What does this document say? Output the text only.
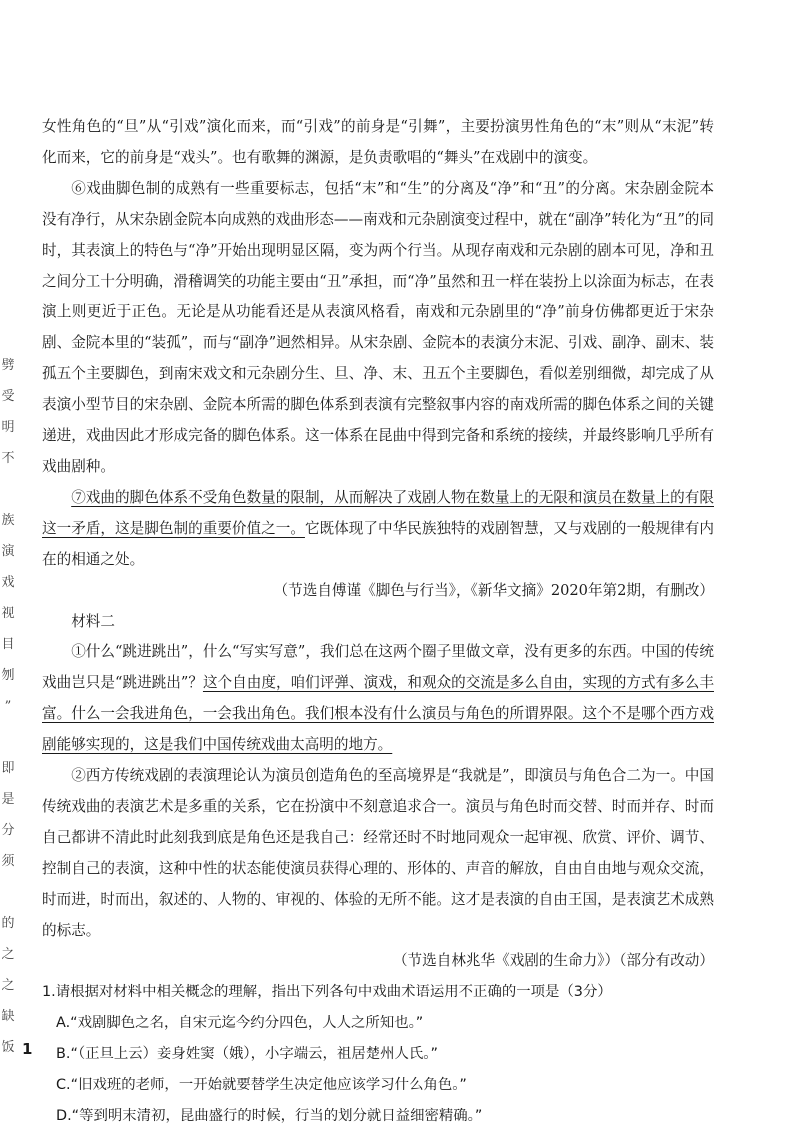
劈
受
明
不

族
演
戏
视
目
刎
”

即
是
分
须

的
之
之
缺
饭

女性角色的“旦”从“引戏”演化而来，而“引戏”的前身是“引舞”，主要扮演男性角色的“末”则从“末泥”转化而来，它的前身是“戏头”。也有歌舞的渊源，是负责歌唱的“舞头”在戏剧中的演变。

⑥戏曲脚色制的成熟有一些重要标志，包括“末”和“生”的分离及“净”和“丑”的分离。宋杂剧金院本没有净行，从宋杂剧金院本向成熟的戏曲形态——南戏和元杂剧演变过程中，就在“副净”转化为“丑”的同时，其表演上的特色与“净”开始出现明显区隔，变为两个行当。从现存南戏和元杂剧的剧本可见，净和丑之间分工十分明确，滑稽调笑的功能主要由“丑”承担，而“净”虽然和丑一样在装扮上以涂面为标志，在表演上则更近于正色。无论是从功能看还是从表演风格看，南戏和元杂剧里的“净”前身仿佛都更近于宋杂剧、金院本里的“装孤”，而与“副净”迥然相异。从宋杂剧、金院本的表演分末泥、引戏、副净、副末、装孤五个主要脚色，到南宋戏文和元杂剧分生、旦、净、末、丑五个主要脚色，看似差别细微，却完成了从表演小型节目的宋杂剧、金院本所需的脚色体系到表演有完整叙事内容的南戏所需的脚色体系之间的关键递进，戏曲因此才形成完备的脚色体系。这一体系在昆曲中得到完备和系统的接续，并最终影响几乎所有戏曲剧种。

⑦戏曲的脚色体系不受角色数量的限制，从而解决了戏剧人物在数量上的无限和演员在数量上的有限这一矛盾，这是脚色制的重要价值之一。它既体现了中华民族独特的戏剧智慧，又与戏剧的一般规律有内在的相通之处。

（节选自傅谨《脚色与行当》，《新华文摘》2020年第2期，有删改）

材料二

①什么“跳进跳出”，什么“写实写意”，我们总在这两个圈子里做文章，没有更多的东西。中国的传统戏曲岂只是“跳进跳出”？这个自由度，咱们评弹、演戏，和观众的交流是多么自由，实现的方式有多么丰富。什么一会我进角色，一会我出角色。我们根本没有什么演员与角色的所谓界限。这个不是哪个西方戏剧能够实现的，这是我们中国传统戏曲太高明的地方。

②西方传统戏剧的表演理论认为演员创造角色的至高境界是“我就是”，即演员与角色合二为一。中国传统戏曲的表演艺术是多重的关系，它在扮演中不刻意追求合一。演员与角色时而交替、时而并存、时而自己都讲不清此时此刻我到底是角色还是我自己：经常还时不时地同观众一起审视、欣赏、评价、调节、控制自己的表演，这种中性的状态能使演员获得心理的、形体的、声音的解放，自由自由地与观众交流，时而进，时而出，叙述的、人物的、审视的、体验的无所不能。这才是表演的自由王国，是表演艺术成熟的标志。

（节选自林兆华《戏剧的生命力》）（部分有改动）

1.请根据对材料中相关概念的理解，指出下列各句中戏曲术语运用不正确的一项是（3分）

A.“戏剧脚色之名，自宋元迄今约分四色，人人之所知也。”

B.“（正旦上云）妾身姓窦（娥），小字端云，祖居楚州人氏。”

C.“旧戏班的老师，一开始就要替学生决定他应该学习什么角色。”

D.“等到明末清初，昆曲盛行的时候，行当的划分就日益细密精确。”

1
